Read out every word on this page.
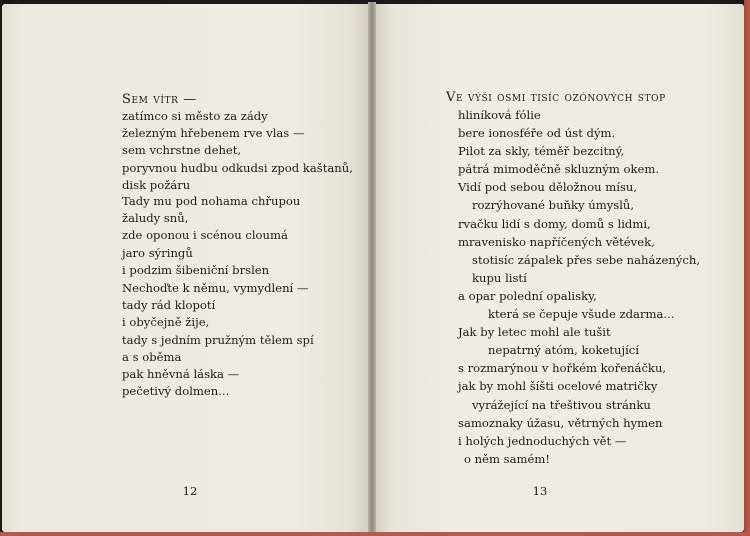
Sem vítr —
zatímco si město za zády
železným hřebenem rve vlas —
sem vchrstne dehet,
poryvnou hudbu odkudsi zpod kaštanů,
disk požáru
Tady mu pod nohama chřupou
žaludy snů,
zde oponou i scénou cloumá
jaro sýringů
i podzim šibeniční brslen
Nechoďte k němu, vymydlení —
tady rád klopotí
i obyčejně žije,
tady s jedním pružným tělem spí
a s oběma
pak hněvná láska —
pečetivý dolmen...
12
Ve výši osmi tisíc ozónových stop
hliníková fólie
bere ionosféře od úst dým.
Pilot za skly, téměř bezcitný,
pátrá mimoděčně skluzným okem.
Vidí pod sebou děložnou mísu,
rozrýhované buňky úmyslů,
rvačku lidí s domy, domů s lidmi,
mravenisko napříčených větévek,
stotisíc zápalek přes sebe naházených,
kupu listí
a opar polední opalisky,
která se čepuje všude zdarma...
Jak by letec mohl ale tušit
nepatrný atóm, koketující
s rozmarýnou v hořkém kořenáčku,
jak by mohl šíšti ocelové matričky
vyrážející na třeštivou stránku
samoznaky úžasu, větrných hymen
i holých jednoduchých vět —
o něm samém!
13
